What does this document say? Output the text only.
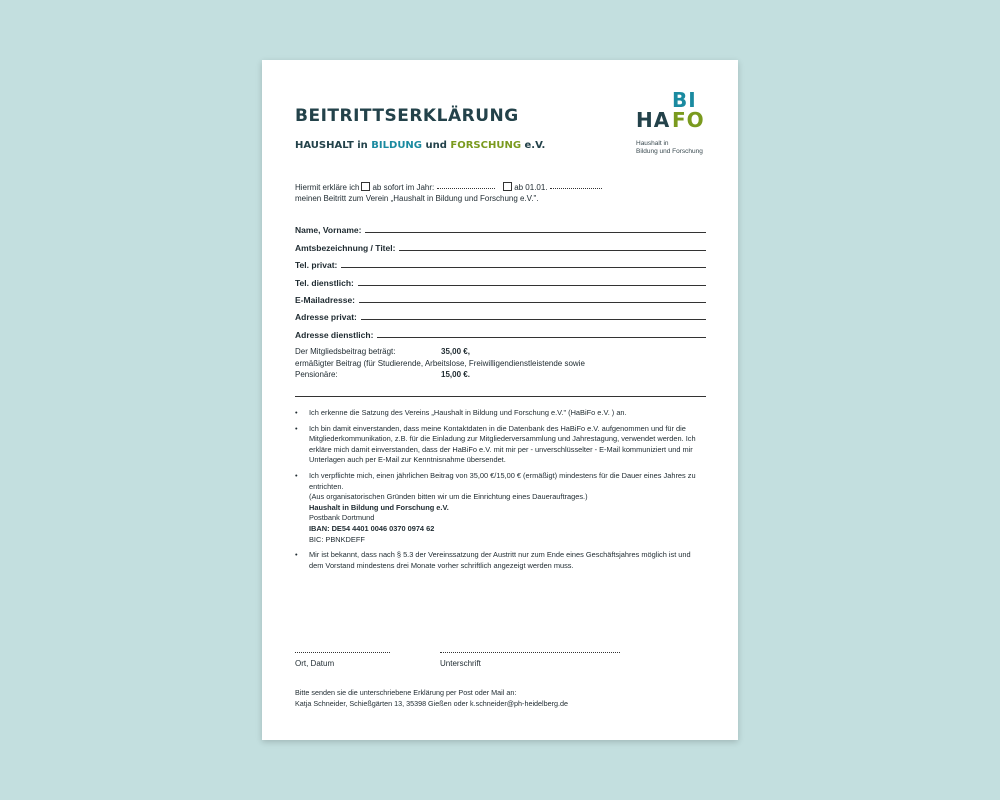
BEITRITTSERKLÄRUNG
HAUSHALT in BILDUNG und FORSCHUNG e.V.
HA
BI
FO
Haushalt in
Bildung und Forschung
Hiermit erkläre ich ab sofort im Jahr:	ab 01.01.
meinen Beitritt zum Verein „Haushalt in Bildung und Forschung e.V.".
Name, Vorname:
Amtsbezeichnung / Titel:
Tel. privat:
Tel. dienstlich:
E-Mailadresse:
Adresse privat:
Adresse dienstlich:
Der Mitgliedsbeitrag beträgt:	35,00 €,
ermäßigter Beitrag (für Studierende, Arbeitslose, Freiwilligendienstleistende sowie
Pensionäre:	15,00 €.
• Ich erkenne die Satzung des Vereins „Haushalt in Bildung und Forschung e.V." (HaBiFo e.V. ) an.
• Ich bin damit einverstanden, dass meine Kontaktdaten in die Datenbank des HaBiFo e.V. aufgenommen und für die Mitgliederkommunikation, z.B. für die Einladung zur Mitgliederversammlung und Jahrestagung, verwendet werden. Ich erkläre mich damit einverstanden, dass der HaBiFo e.V. mit mir per - unverschlüsselter - E-Mail kommuniziert und mir Unterlagen auch per E-Mail zur Kenntnisnahme übersendet.
• Ich verpflichte mich, einen jährlichen Beitrag von 35,00 €/15,00 € (ermäßigt) mindestens für die Dauer eines Jahres zu entrichten.
(Aus organisatorischen Gründen bitten wir um die Einrichtung eines Dauerauftrages.)
Haushalt in Bildung und Forschung e.V.
Postbank Dortmund
IBAN: DE54 4401 0046 0370 0974 62
BIC: PBNKDEFF
• Mir ist bekannt, dass nach § 5.3 der Vereinssatzung der Austritt nur zum Ende eines Geschäftsjahres möglich ist und dem Vorstand mindestens drei Monate vorher schriftlich angezeigt werden muss.
Ort, Datum	Unterschrift
Bitte senden sie die unterschriebene Erklärung per Post oder Mail an:
Katja Schneider, Schießgärten 13, 35398 Gießen oder k.schneider@ph-heidelberg.de
